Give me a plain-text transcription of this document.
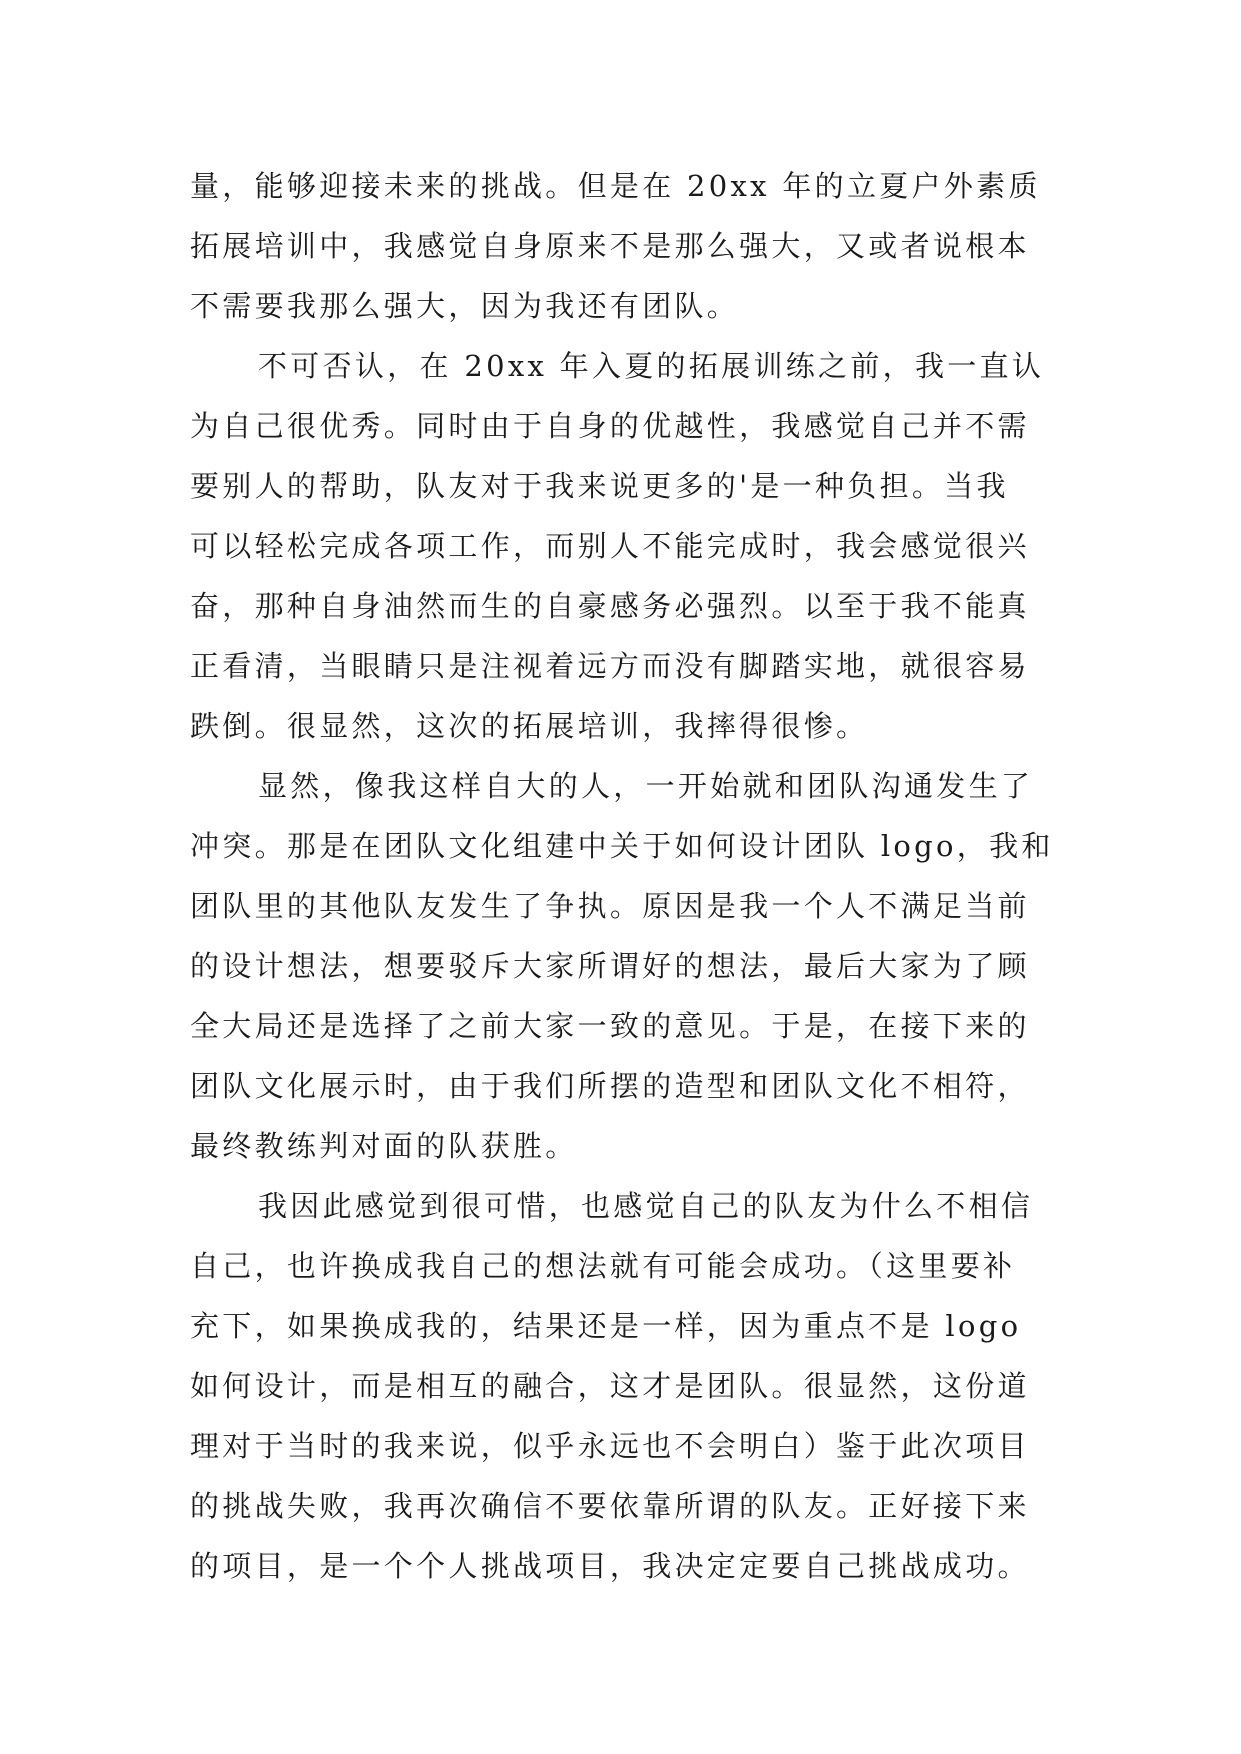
量，能够迎接未来的挑战。但是在 20xx 年的立夏户外素质
拓展培训中，我感觉自身原来不是那么强大，又或者说根本
不需要我那么强大，因为我还有团队。
不可否认，在 20xx 年入夏的拓展训练之前，我一直认
为自己很优秀。同时由于自身的优越性，我感觉自己并不需
要别人的帮助，队友对于我来说更多的'是一种负担。当我
可以轻松完成各项工作，而别人不能完成时，我会感觉很兴
奋，那种自身油然而生的自豪感务必强烈。以至于我不能真
正看清，当眼睛只是注视着远方而没有脚踏实地，就很容易
跌倒。很显然，这次的拓展培训，我摔得很惨。
显然，像我这样自大的人，一开始就和团队沟通发生了
冲突。那是在团队文化组建中关于如何设计团队 logo，我和
团队里的其他队友发生了争执。原因是我一个人不满足当前
的设计想法，想要驳斥大家所谓好的想法，最后大家为了顾
全大局还是选择了之前大家一致的意见。于是，在接下来的
团队文化展示时，由于我们所摆的造型和团队文化不相符，
最终教练判对面的队获胜。
我因此感觉到很可惜，也感觉自己的队友为什么不相信
自己，也许换成我自己的想法就有可能会成功。（这里要补
充下，如果换成我的，结果还是一样，因为重点不是 logo
如何设计，而是相互的融合，这才是团队。很显然，这份道
理对于当时的我来说，似乎永远也不会明白）鉴于此次项目
的挑战失败，我再次确信不要依靠所谓的队友。正好接下来
的项目，是一个个人挑战项目，我决定定要自己挑战成功。
